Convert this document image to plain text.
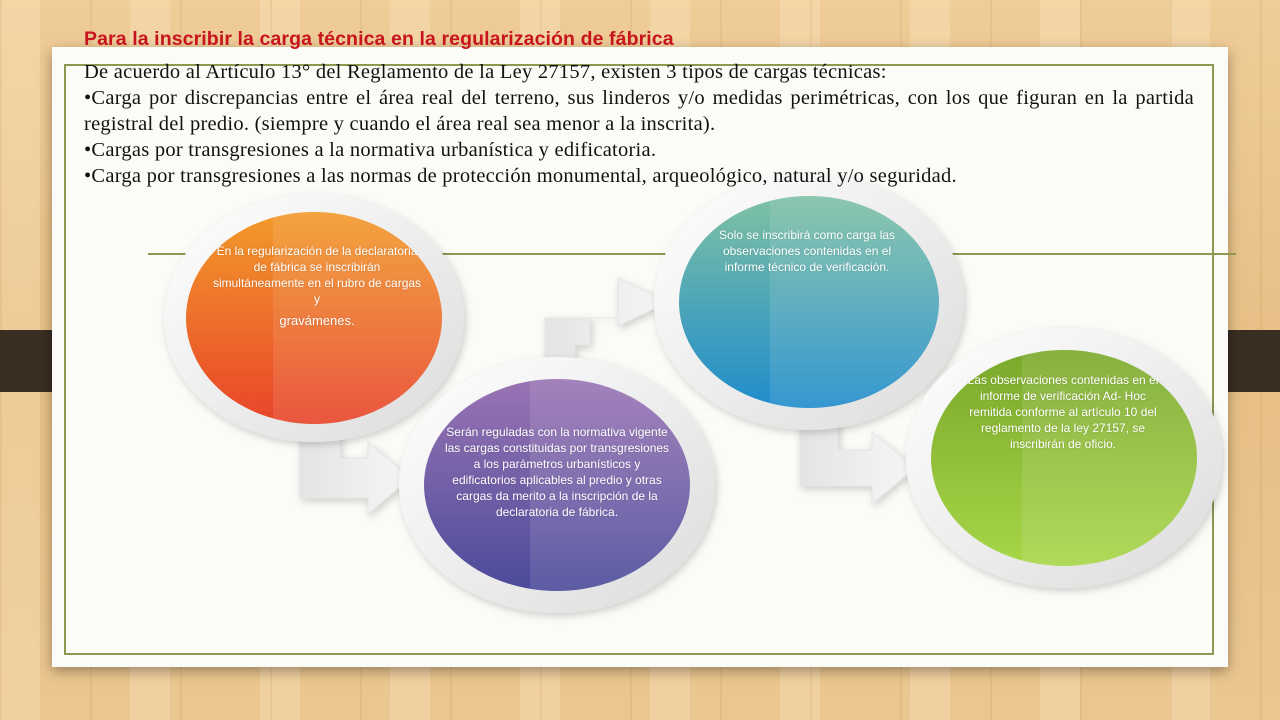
Para la inscribir la carga técnica en la regularización de fábrica

De acuerdo al Artículo 13° del Reglamento de la Ley 27157, existen 3 tipos de cargas técnicas:

•Carga por discrepancias entre el área real del terreno, sus linderos y/o medidas perimétricas, con los que figuran en la partida registral del predio. (siempre y cuando el área real sea menor a la inscrita).

•Cargas por transgresiones a la normativa urbanística y edificatoria.

•Carga por transgresiones a las normas de protección monumental, arqueológico, natural y/o seguridad.

En la regularización de la declaratoria de fábrica se inscribirán simultáneamente en el rubro de cargas y
gravámenes.
Serán reguladas con la normativa vigente las cargas constituidas por transgresiones a los parámetros urbanísticos y edificatorios aplicables al predio y otras cargas da merito a la inscripción de la declaratoria de fábrica.
Solo se inscribirá como carga las observaciones contenidas en el informe técnico de verificación.
Las observaciones contenidas en el informe de verificación Ad- Hoc remitida conforme al artículo 10 del reglamento de la ley 27157, se inscribirán de oficio.
